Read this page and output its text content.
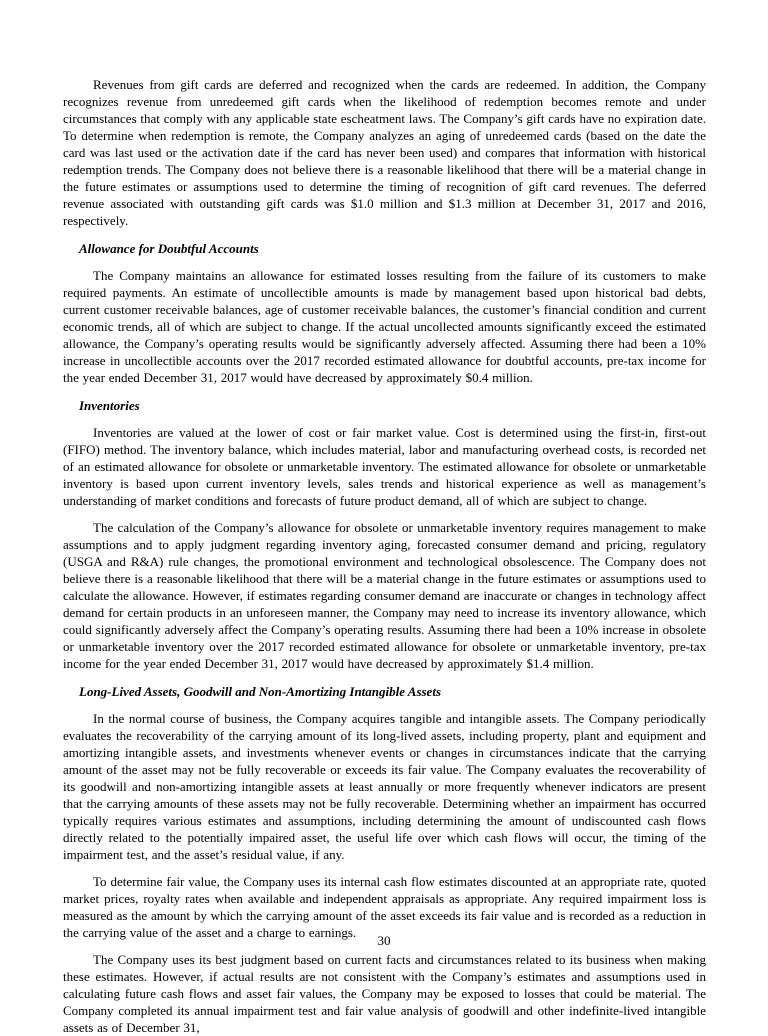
Revenues from gift cards are deferred and recognized when the cards are redeemed. In addition, the Company recognizes revenue from unredeemed gift cards when the likelihood of redemption becomes remote and under circumstances that comply with any applicable state escheatment laws. The Company’s gift cards have no expiration date. To determine when redemption is remote, the Company analyzes an aging of unredeemed cards (based on the date the card was last used or the activation date if the card has never been used) and compares that information with historical redemption trends. The Company does not believe there is a reasonable likelihood that there will be a material change in the future estimates or assumptions used to determine the timing of recognition of gift card revenues. The deferred revenue associated with outstanding gift cards was $1.0 million and $1.3 million at December 31, 2017 and 2016, respectively.

Allowance for Doubtful Accounts

The Company maintains an allowance for estimated losses resulting from the failure of its customers to make required payments. An estimate of uncollectible amounts is made by management based upon historical bad debts, current customer receivable balances, age of customer receivable balances, the customer’s financial condition and current economic trends, all of which are subject to change. If the actual uncollected amounts significantly exceed the estimated allowance, the Company’s operating results would be significantly adversely affected. Assuming there had been a 10% increase in uncollectible accounts over the 2017 recorded estimated allowance for doubtful accounts, pre-tax income for the year ended December 31, 2017 would have decreased by approximately $0.4 million.

Inventories

Inventories are valued at the lower of cost or fair market value. Cost is determined using the first-in, first-out (FIFO) method. The inventory balance, which includes material, labor and manufacturing overhead costs, is recorded net of an estimated allowance for obsolete or unmarketable inventory. The estimated allowance for obsolete or unmarketable inventory is based upon current inventory levels, sales trends and historical experience as well as management’s understanding of market conditions and forecasts of future product demand, all of which are subject to change.

The calculation of the Company’s allowance for obsolete or unmarketable inventory requires management to make assumptions and to apply judgment regarding inventory aging, forecasted consumer demand and pricing, regulatory (USGA and R&A) rule changes, the promotional environment and technological obsolescence. The Company does not believe there is a reasonable likelihood that there will be a material change in the future estimates or assumptions used to calculate the allowance. However, if estimates regarding consumer demand are inaccurate or changes in technology affect demand for certain products in an unforeseen manner, the Company may need to increase its inventory allowance, which could significantly adversely affect the Company’s operating results. Assuming there had been a 10% increase in obsolete or unmarketable inventory over the 2017 recorded estimated allowance for obsolete or unmarketable inventory, pre-tax income for the year ended December 31, 2017 would have decreased by approximately $1.4 million.

Long-Lived Assets, Goodwill and Non-Amortizing Intangible Assets

In the normal course of business, the Company acquires tangible and intangible assets. The Company periodically evaluates the recoverability of the carrying amount of its long-lived assets, including property, plant and equipment and amortizing intangible assets, and investments whenever events or changes in circumstances indicate that the carrying amount of the asset may not be fully recoverable or exceeds its fair value. The Company evaluates the recoverability of its goodwill and non-amortizing intangible assets at least annually or more frequently whenever indicators are present that the carrying amounts of these assets may not be fully recoverable. Determining whether an impairment has occurred typically requires various estimates and assumptions, including determining the amount of undiscounted cash flows directly related to the potentially impaired asset, the useful life over which cash flows will occur, the timing of the impairment test, and the asset’s residual value, if any.

To determine fair value, the Company uses its internal cash flow estimates discounted at an appropriate rate, quoted market prices, royalty rates when available and independent appraisals as appropriate. Any required impairment loss is measured as the amount by which the carrying amount of the asset exceeds its fair value and is recorded as a reduction in the carrying value of the asset and a charge to earnings.

The Company uses its best judgment based on current facts and circumstances related to its business when making these estimates. However, if actual results are not consistent with the Company’s estimates and assumptions used in calculating future cash flows and asset fair values, the Company may be exposed to losses that could be material. The Company completed its annual impairment test and fair value analysis of goodwill and other indefinite-lived intangible assets as of December 31,

30
